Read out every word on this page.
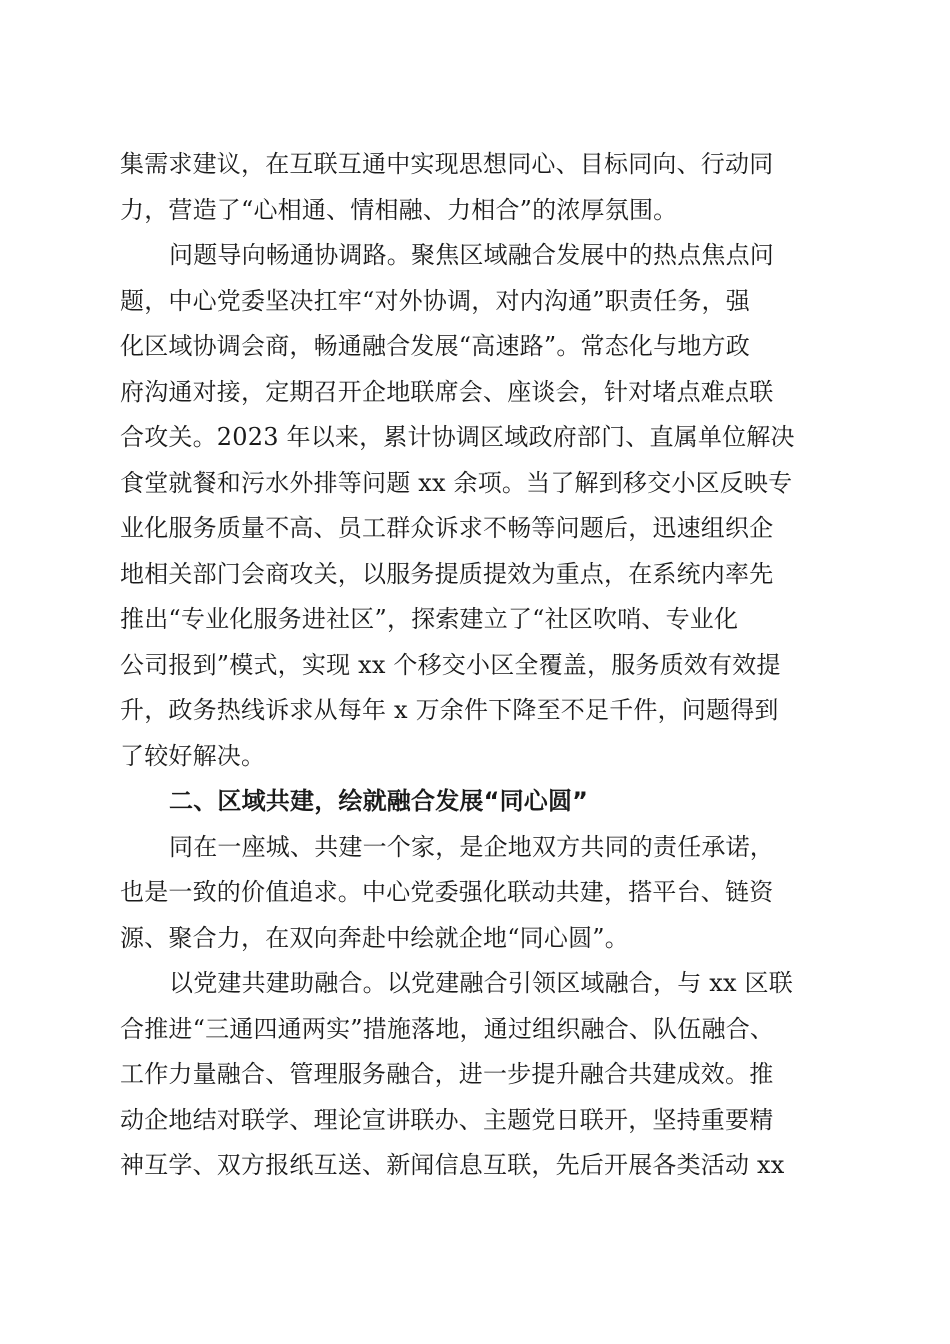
集需求建议，在互联互通中实现思想同心、目标同向、行动同
力，营造了“心相通、情相融、力相合”的浓厚氛围。
问题导向畅通协调路。聚焦区域融合发展中的热点焦点问
题，中心党委坚决扛牢“对外协调，对内沟通”职责任务，强
化区域协调会商，畅通融合发展“高速路”。常态化与地方政
府沟通对接，定期召开企地联席会、座谈会，针对堵点难点联
合攻关。2023 年以来，累计协调区域政府部门、直属单位解决
食堂就餐和污水外排等问题 xx 余项。当了解到移交小区反映专
业化服务质量不高、员工群众诉求不畅等问题后，迅速组织企
地相关部门会商攻关，以服务提质提效为重点，在系统内率先
推出“专业化服务进社区”，探索建立了“社区吹哨、专业化
公司报到”模式，实现 xx 个移交小区全覆盖，服务质效有效提
升，政务热线诉求从每年 x 万余件下降至不足千件，问题得到
了较好解决。
二、区域共建，绘就融合发展“同心圆”
同在一座城、共建一个家，是企地双方共同的责任承诺，
也是一致的价值追求。中心党委强化联动共建，搭平台、链资
源、聚合力，在双向奔赴中绘就企地“同心圆”。
以党建共建助融合。以党建融合引领区域融合，与 xx 区联
合推进“三通四通两实”措施落地，通过组织融合、队伍融合、
工作力量融合、管理服务融合，进一步提升融合共建成效。推
动企地结对联学、理论宣讲联办、主题党日联开，坚持重要精
神互学、双方报纸互送、新闻信息互联，先后开展各类活动 xx
